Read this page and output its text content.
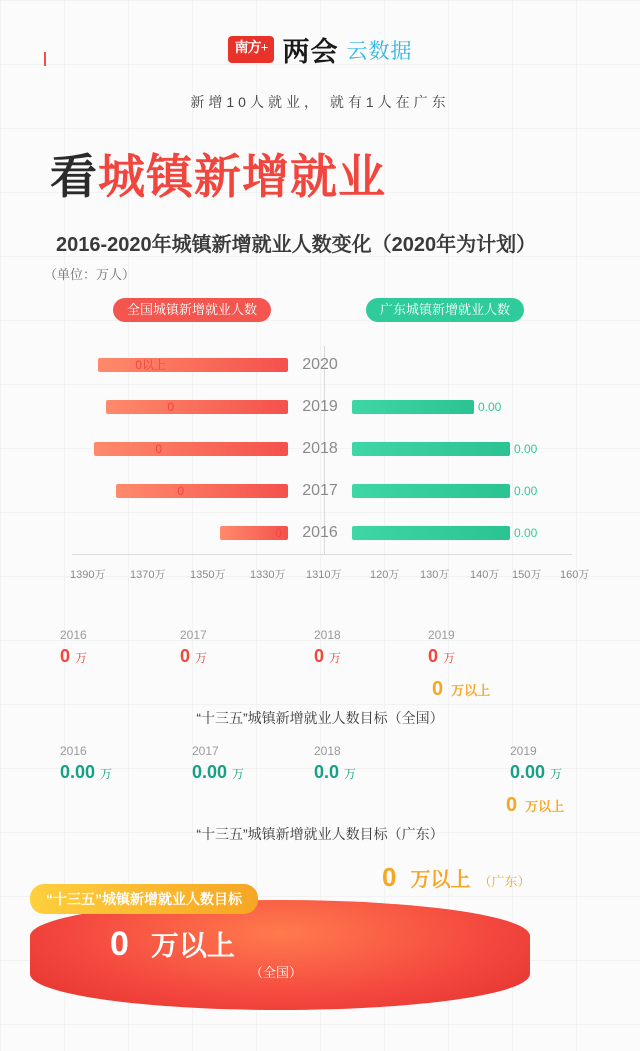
南方+ 两会 云数据
新增10人就业， 就有1人在广东
看城镇新增就业
2016-2020年城镇新增就业人数变化（2020年为计划）
（单位：万人）
全国城镇新增就业人数	广东城镇新增就业人数
0以上	2020
0	2019	0.00
0	2018	0.00
0	2017	0.00
0	2016	0.00
1390万 1370万 1350万 1330万 1310万	120万 130万 140万 150万 160万
2016
0 万
2017
0 万
2018
0 万
2019
0 万
0 万以上
“十三五”城镇新增就业人数目标（全国）
2016
0.00 万
2017
0.00 万
2018
0.0 万
2019
0.00 万
0 万以上
“十三五”城镇新增就业人数目标（广东）
0 万以上 （广东）
“十三五”城镇新增就业人数目标
0 万以上
（全国）
